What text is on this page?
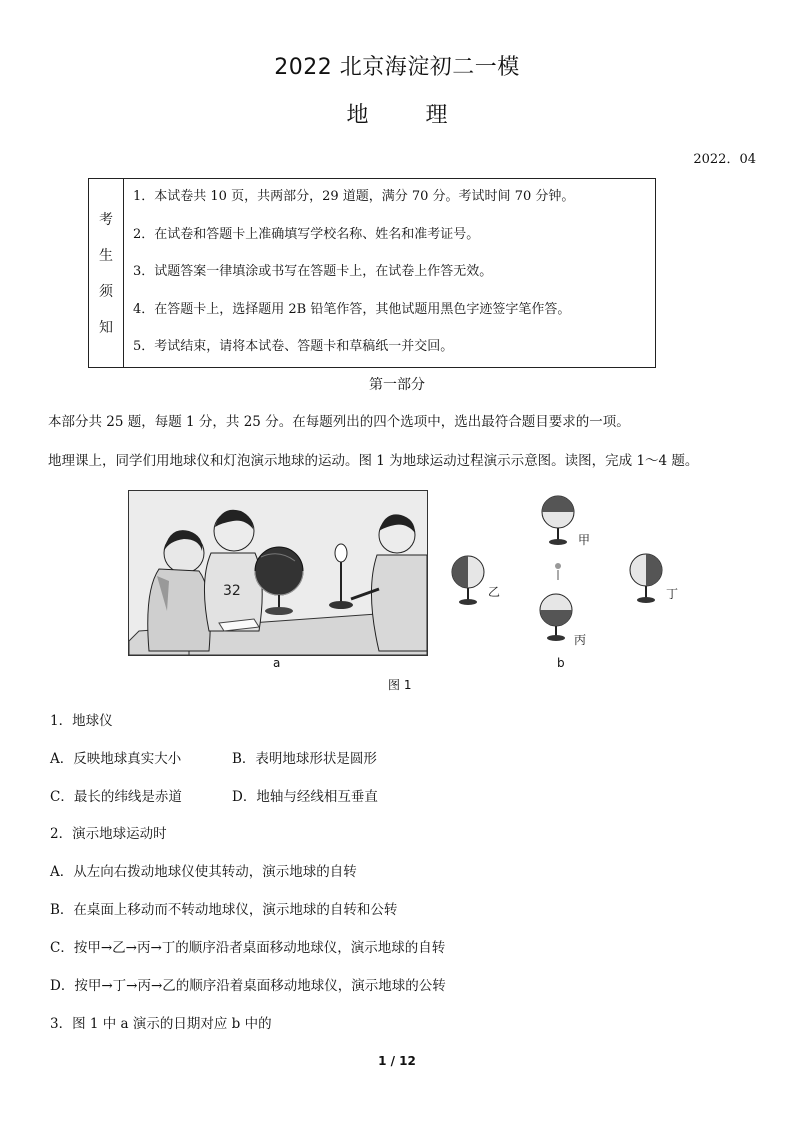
2022 北京海淀初二一模
地 理
2022．04
考
生
须
知
1．本试卷共 10 页，共两部分，29 道题，满分 70 分。考试时间 70 分钟。
2．在试卷和答题卡上准确填写学校名称、姓名和准考证号。
3．试题答案一律填涂或书写在答题卡上，在试卷上作答无效。
4．在答题卡上，选择题用 2B 铅笔作答，其他试题用黑色字迹签字笔作答。
5．考试结束，请将本试卷、答题卡和草稿纸一并交回。
第一部分
本部分共 25 题，每题 1 分，共 25 分。在每题列出的四个选项中，选出最符合题目要求的一项。
地理课上，同学们用地球仪和灯泡演示地球的运动。图 1 为地球运动过程演示示意图。读图，完成 1～4 题。
32
甲
乙
丙
丁
a	b
图 1
1．地球仪
A．反映地球真实大小	B．表明地球形状是圆形
C．最长的纬线是赤道	D．地轴与经线相互垂直
2．演示地球运动时
A．从左向右拨动地球仪使其转动，演示地球的自转
B．在桌面上移动而不转动地球仪，演示地球的自转和公转
C．按甲→乙→丙→丁的顺序沿者桌面移动地球仪，演示地球的自转
D．按甲→丁→丙→乙的顺序沿着桌面移动地球仪，演示地球的公转
3．图 1 中 a 演示的日期对应 b 中的
1 / 12
